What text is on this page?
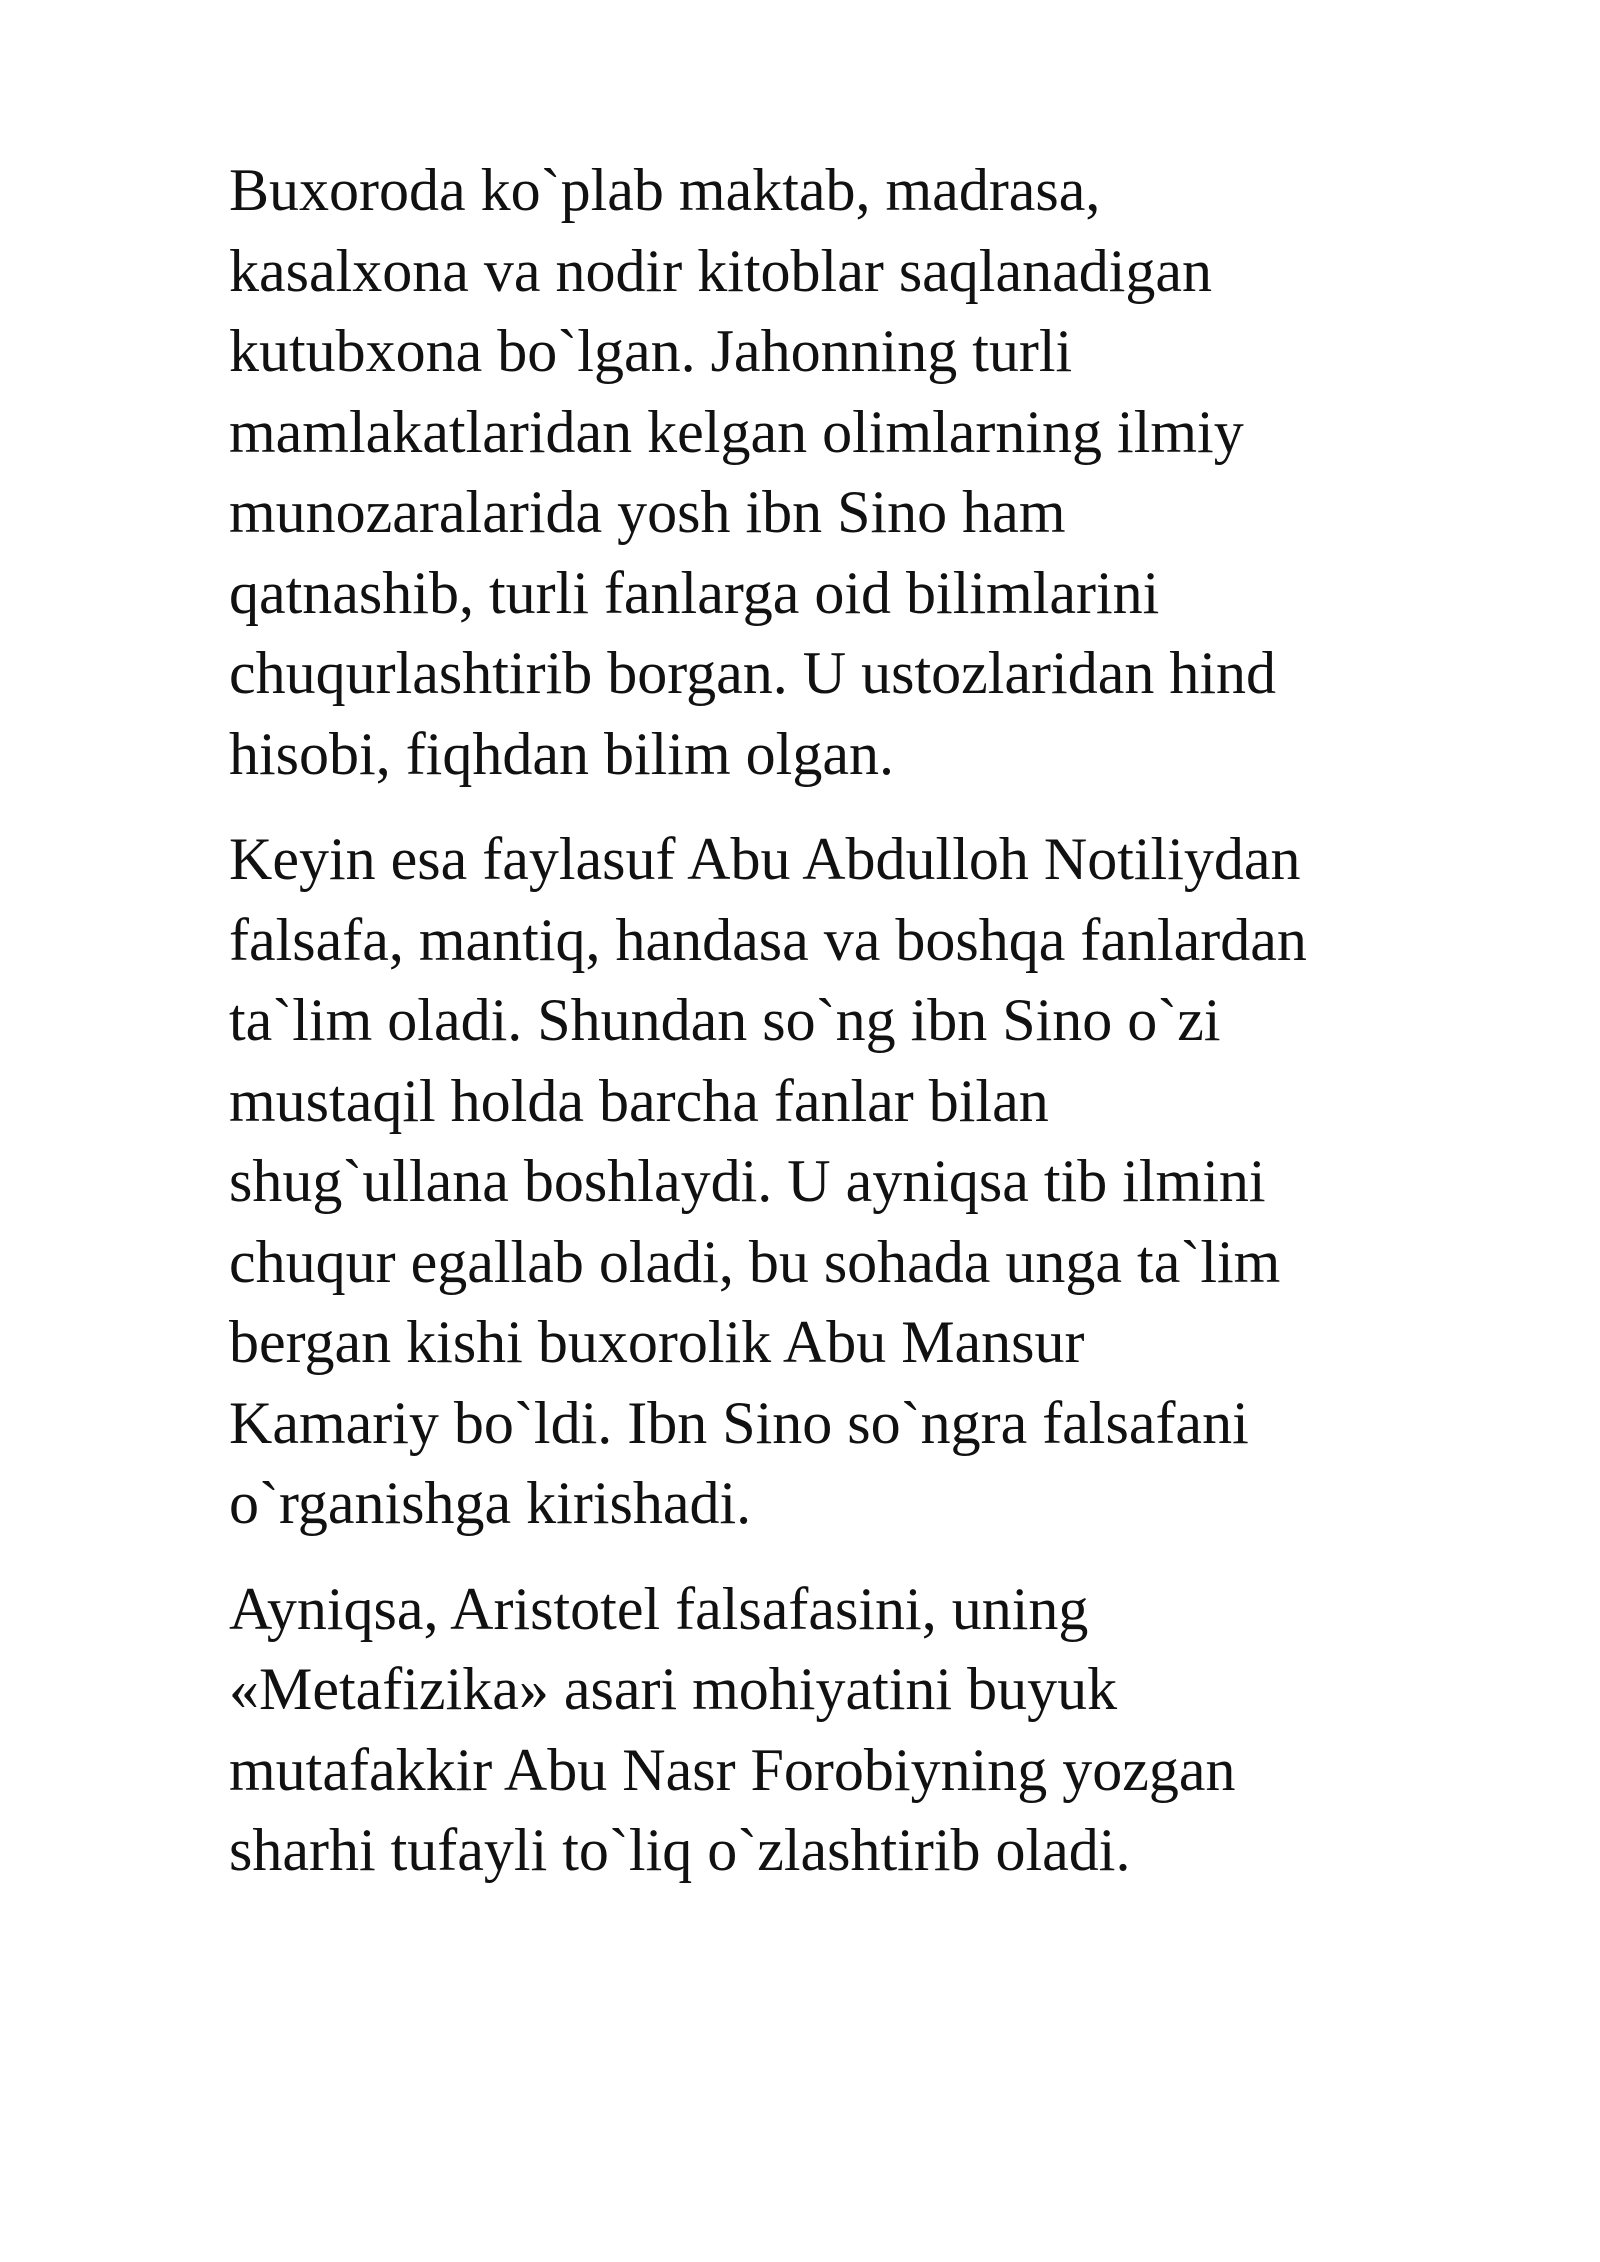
Buxoroda ko`plab maktab, madrasa,
kasalxona va nodir kitoblar saqlanadigan
kutubxona bo`lgan. Jahonning turli
mamlakatlaridan kelgan olimlarning ilmiy
munozaralarida yosh ibn Sino ham
qatnashib, turli fanlarga oid bilimlarini
chuqurlashtirib borgan. U ustozlaridan hind
hisobi, fiqhdan bilim olgan.

Keyin esa faylasuf Abu Abdulloh Notiliydan
falsafa, mantiq, handasa va boshqa fanlardan
ta`lim oladi. Shundan so`ng ibn Sino o`zi
mustaqil holda barcha fanlar bilan
shug`ullana boshlaydi. U ayniqsa tib ilmini
chuqur egallab oladi, bu sohada unga ta`lim
bergan kishi buxorolik Abu Mansur
Kamariy bo`ldi. Ibn Sino so`ngra falsafani
o`rganishga kirishadi.

Ayniqsa, Aristotel falsafasini, uning
«Metafizika» asari mohiyatini buyuk
mutafakkir Abu Nasr Forobiyning yozgan
sharhi tufayli to`liq o`zlashtirib oladi.
